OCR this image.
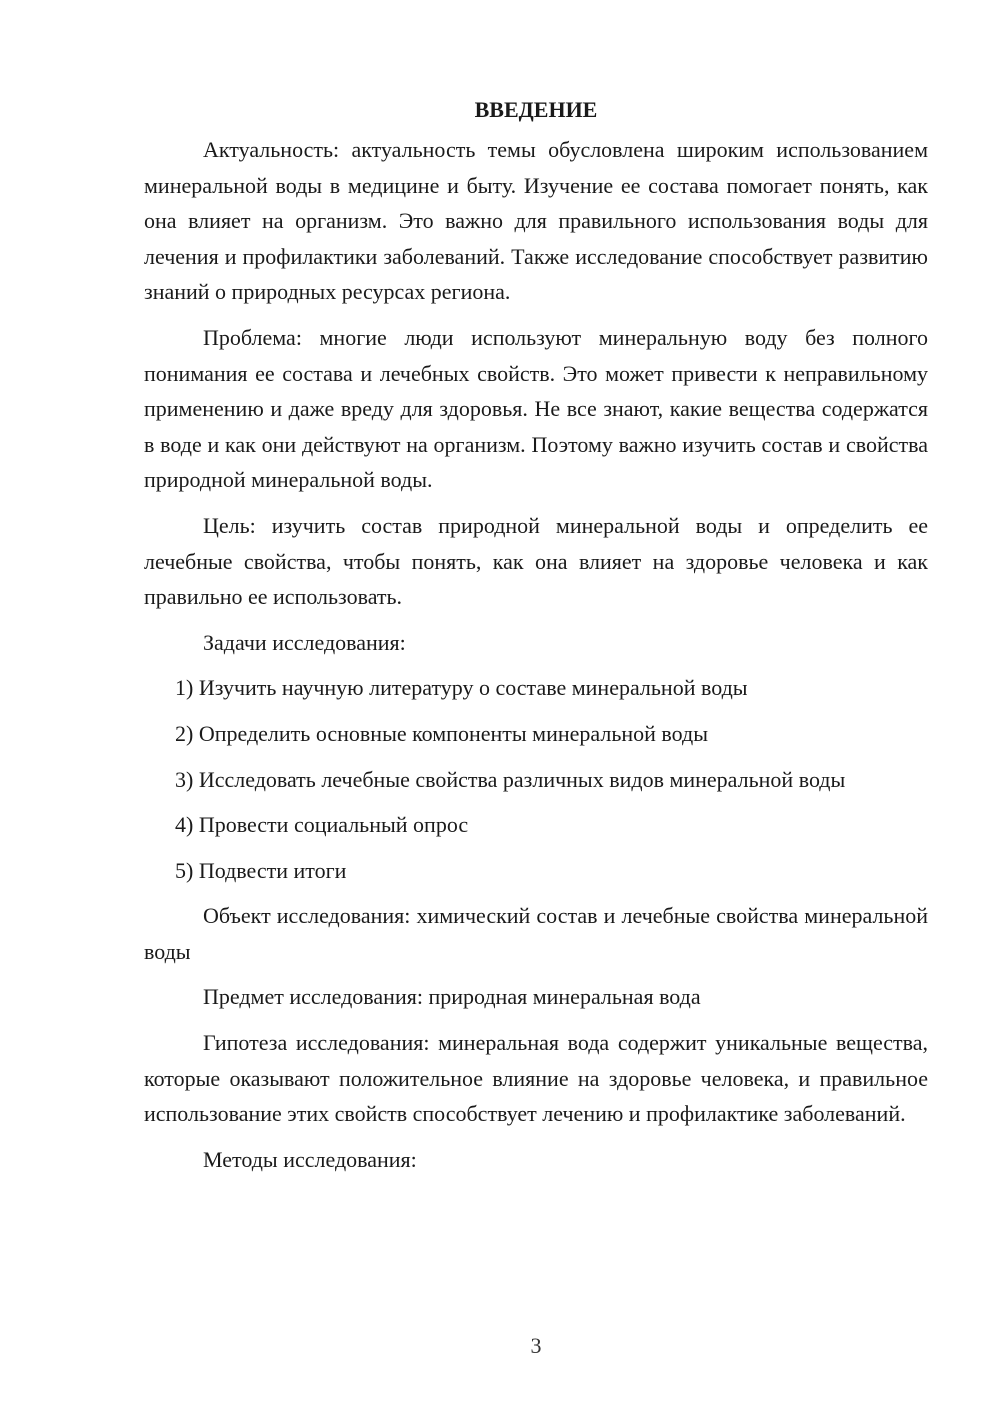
ВВЕДЕНИЕ

Актуальность: актуальность темы обусловлена широким использованием минеральной воды в медицине и быту. Изучение ее состава помогает понять, как она влияет на организм. Это важно для правильного использования воды для лечения и профилактики заболеваний. Также исследование способствует развитию знаний о природных ресурсах региона.

Проблема: многие люди используют минеральную воду без полного понимания ее состава и лечебных свойств. Это может привести к неправильному применению и даже вреду для здоровья. Не все знают, какие вещества содержатся в воде и как они действуют на организм. Поэтому важно изучить состав и свойства природной минеральной воды.

Цель: изучить состав природной минеральной воды и определить ее лечебные свойства, чтобы понять, как она влияет на здоровье человека и как правильно ее использовать.

Задачи исследования:

1) Изучить научную литературу о составе минеральной воды

2) Определить основные компоненты минеральной воды

3) Исследовать лечебные свойства различных видов минеральной воды

4) Провести социальный опрос

5) Подвести итоги

Объект исследования: химический состав и лечебные свойства минеральной воды

Предмет исследования: природная минеральная вода

Гипотеза исследования: минеральная вода содержит уникальные вещества, которые оказывают положительное влияние на здоровье человека, и правильное использование этих свойств способствует лечению и профилактике заболеваний.

Методы исследования:

3
